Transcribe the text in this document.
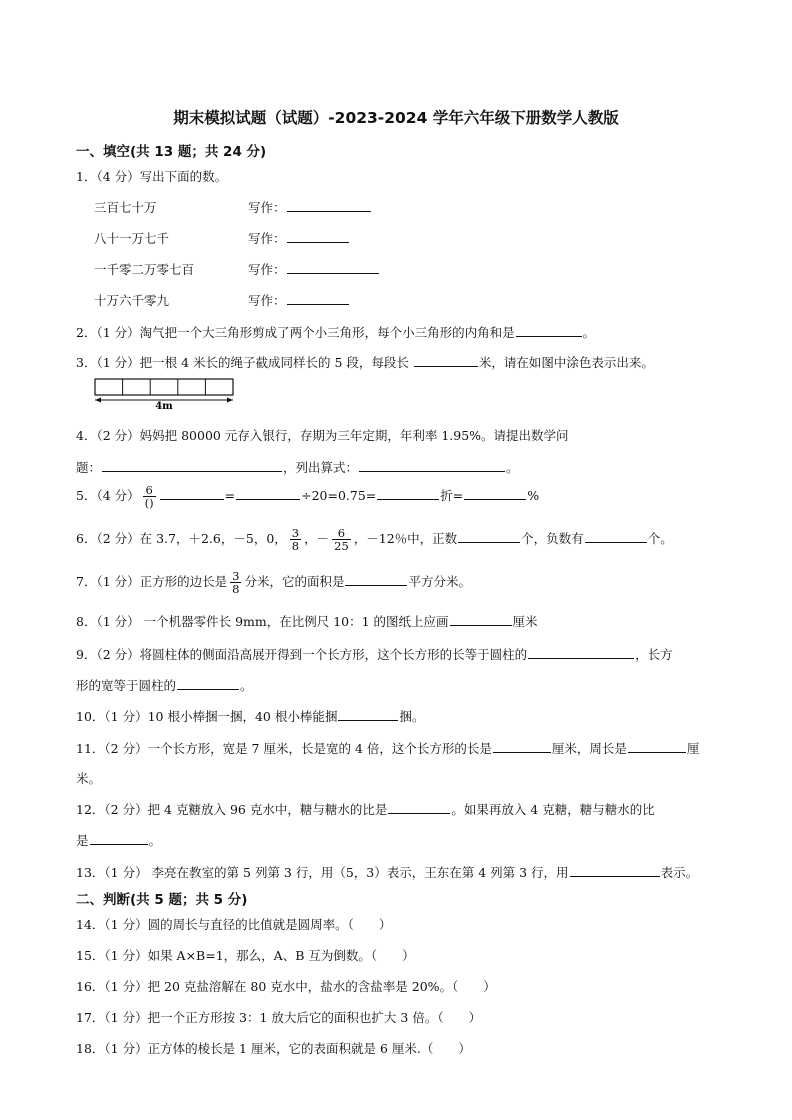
期末模拟试题（试题）-2023-2024 学年六年级下册数学人教版
一、填空(共 13 题；共 24 分)
1．（4 分）写出下面的数。
三百七十万	写作：
八十一万七千	写作：
一千零二万零七百	写作：
十万六千零九	写作：
2．（1 分）淘气把一个大三角形剪成了两个小三角形，每个小三角形的内角和是	。
3．（1 分）把一根 4 米长的绳子截成同样长的 5 段，每段长	米，请在如图中涂色表示出来。
4m
4．（2 分）妈妈把 80000 元存入银行，存期为三年定期，年利率 1.95%。请提出数学问
题：	，列出算式：	。
5．（4 分） $\frac{6}{()}$	=	÷20=0.75=	折=	%
6．（2 分）在 3.7，＋2.6，－5，0， $\frac{3}{8}$ ，－ $\frac{6}{25}$ ，－12％中，正数	个，负数有	个。
7．（1 分）正方形的边长是 $\frac{3}{8}$ 分米，它的面积是	平方分米。
8．（1 分） 一个机器零件长 9mm，在比例尺 10：1 的图纸上应画	厘米
9．（2 分）将圆柱体的侧面沿高展开得到一个长方形，这个长方形的长等于圆柱的	，长方
形的宽等于圆柱的	。
10．（1 分）10 根小棒捆一捆，40 根小棒能捆	捆。
11．（2 分）一个长方形，宽是 7 厘米，长是宽的 4 倍，这个长方形的长是	厘米，周长是	厘
米。
12．（2 分）把 4 克糖放入 96 克水中，糖与糖水的比是	。如果再放入 4 克糖，糖与糖水的比
是	。
13．（1 分） 李亮在教室的第 5 列第 3 行，用（5，3）表示，王东在第 4 列第 3 行，用	表示。
二、判断(共 5 题；共 5 分)
14．（1 分）圆的周长与直径的比值就是圆周率。（　　）
15．（1 分）如果 A×B=1，那么，A、B 互为倒数。（　　）
16．（1 分）把 20 克盐溶解在 80 克水中，盐水的含盐率是 20%。（　　）
17．（1 分）把一个正方形按 3：1 放大后它的面积也扩大 3 倍。（　　）
18．（1 分）正方体的棱长是 1 厘米，它的表面积就是 6 厘米.（　　）
